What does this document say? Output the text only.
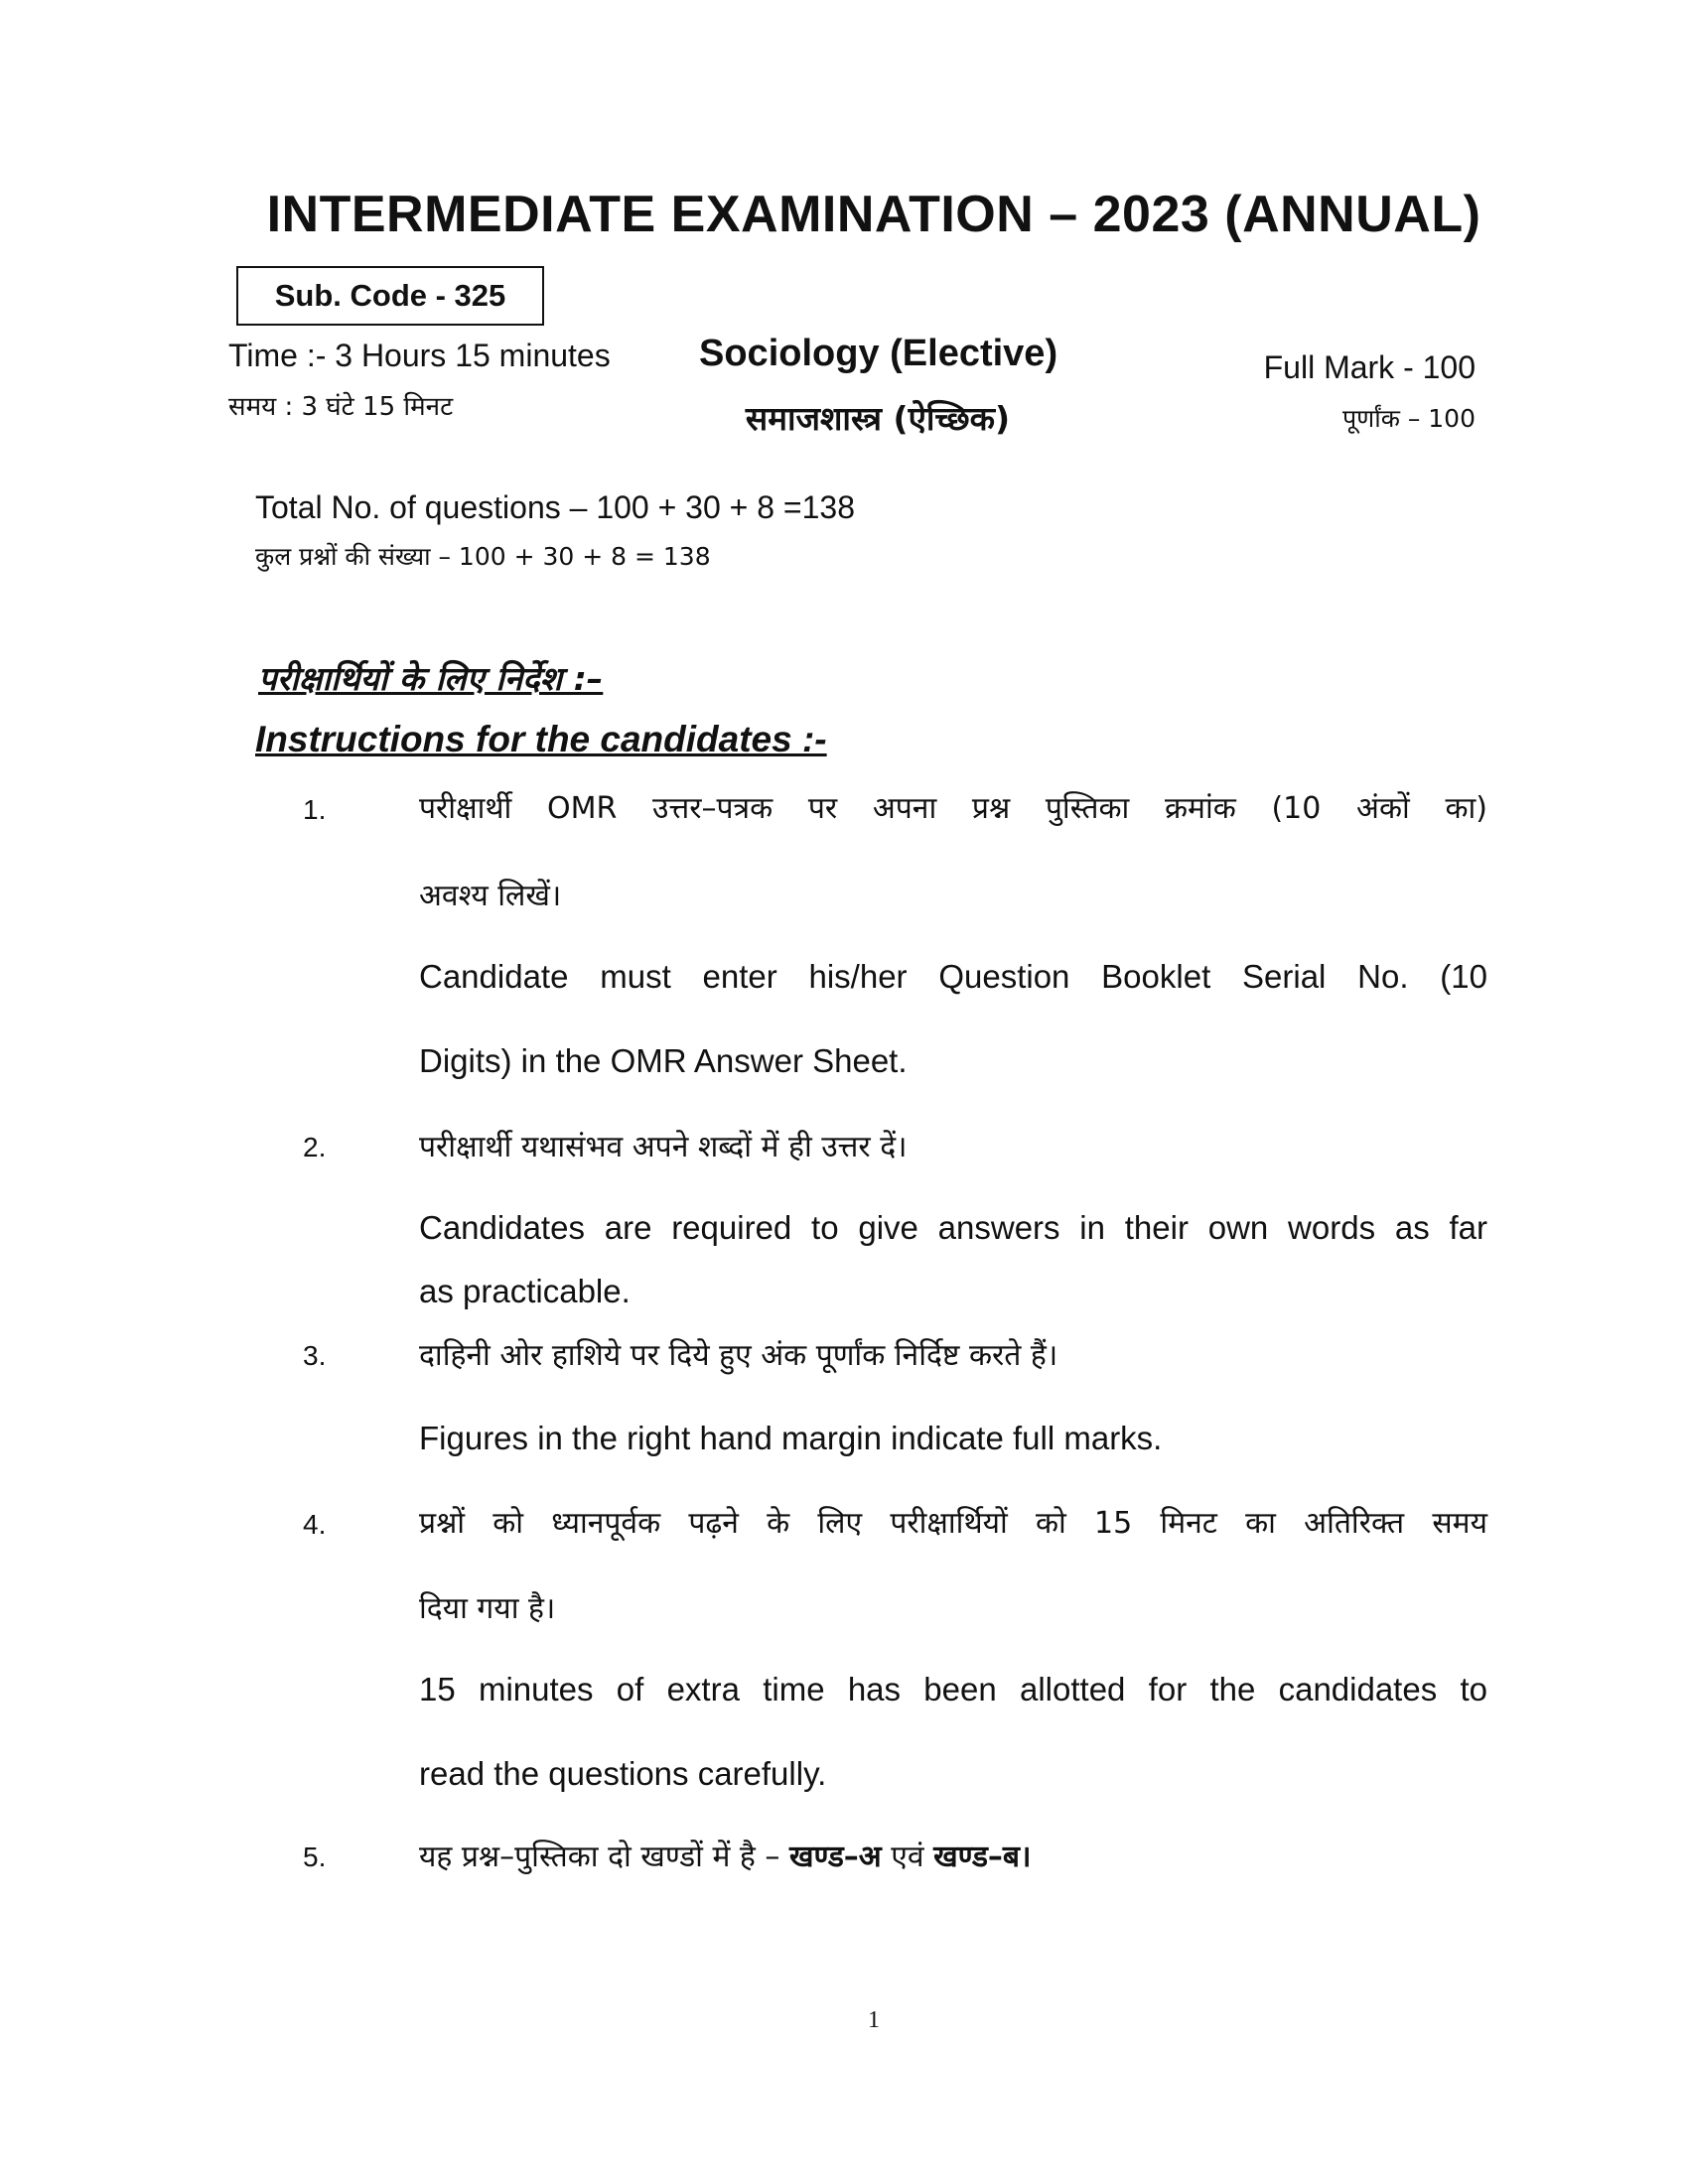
INTERMEDIATE EXAMINATION – 2023 (ANNUAL)
Sub. Code - 325
Time :- 3 Hours 15 minutes
समय : 3 घंटे 15 मिनट
Sociology (Elective)
समाजशास्त्र (ऐच्छिक)
Full Mark - 100
पूर्णांक – 100
Total No. of questions – 100 + 30 + 8 =138
कुल प्रश्नों की संख्या – 100 + 30 + 8 = 138
परीक्षार्थियों के लिए निर्देश :–
Instructions for the candidates :-
1.	परीक्षार्थी OMR उत्तर–पत्रक पर अपना प्रश्न पुस्तिका क्रमांक (10 अंकों का)
अवश्य लिखें।
Candidate must enter his/her Question Booklet Serial No. (10
Digits) in the OMR Answer Sheet.
2.	परीक्षार्थी यथासंभव अपने शब्दों में ही उत्तर दें।
Candidates are required to give answers in their own words as far
as practicable.
3.	दाहिनी ओर हाशिये पर दिये हुए अंक पूर्णांक निर्दिष्ट करते हैं।
Figures in the right hand margin indicate full marks.
4.	प्रश्नों को ध्यानपूर्वक पढ़ने के लिए परीक्षार्थियों को 15 मिनट का अतिरिक्त समय
दिया गया है।
15 minutes of extra time has been allotted for the candidates to
read the questions carefully.
5.	यह प्रश्न–पुस्तिका दो खण्डों में है – खण्ड–अ एवं खण्ड–ब।
1
